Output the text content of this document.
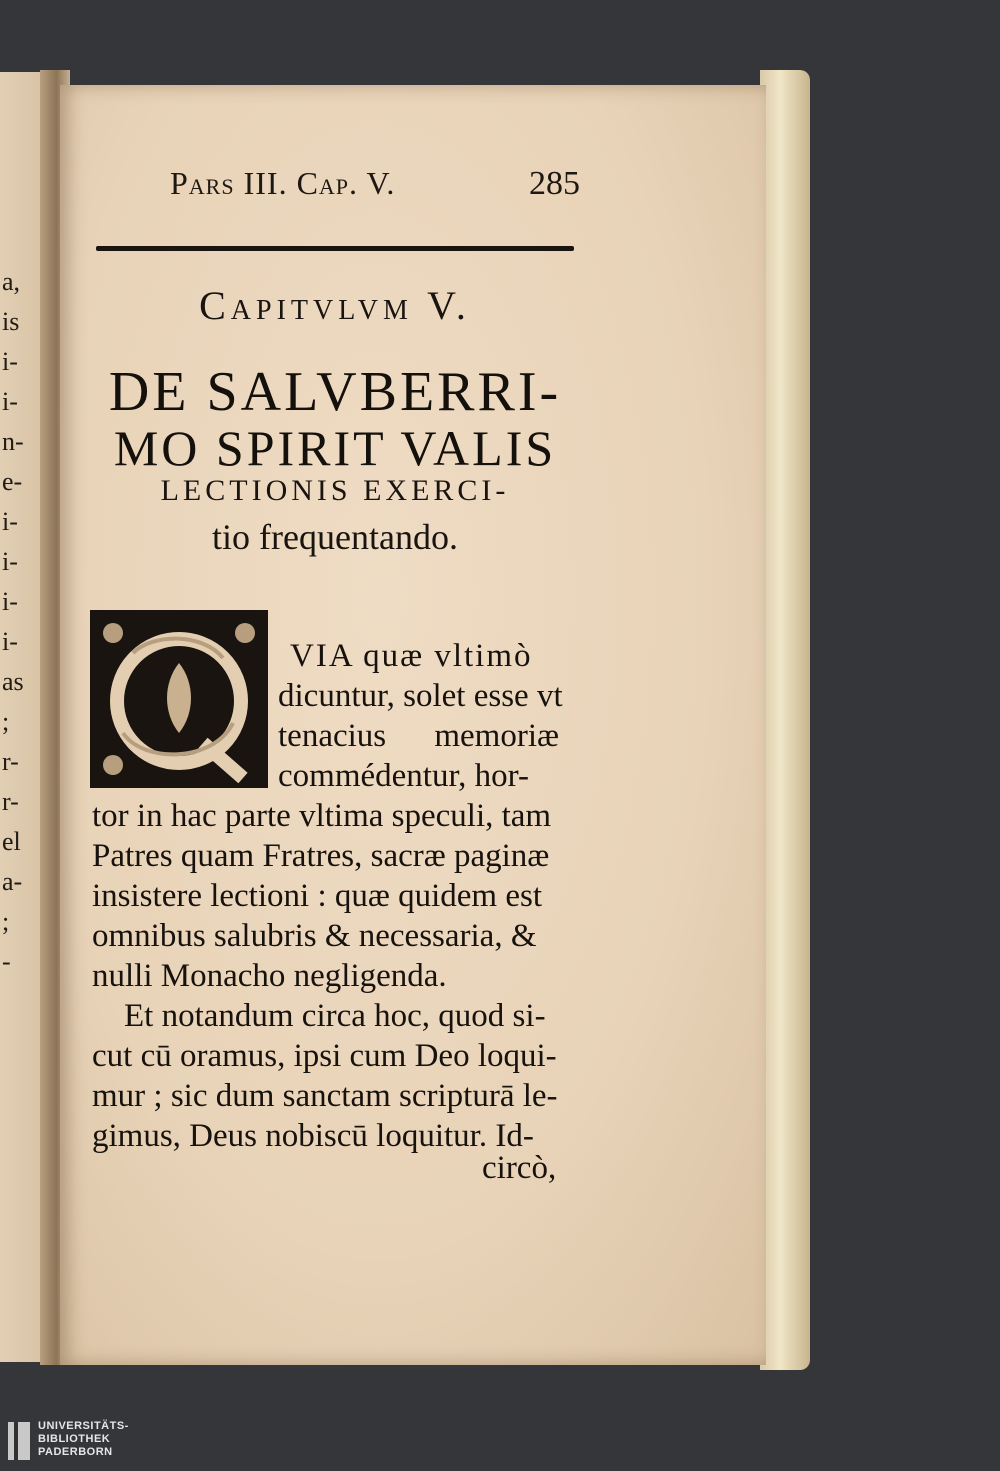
a,
is
i-
i-
n-
e-
i-
i-
i-
i-
as
;
r-
r-
el
a-
;
-
Pars III. Cap. V.	285
Capitvlvm V.
DE SALVBERRI-
MO SPIRIT VALIS
LECTIONIS EXERCI-
tio frequentando.
VIA quæ vltimò
dicuntur, solet esse vt
tenacius memoriæ
commédentur, hor-
tor in hac parte vltima speculi, tam
Patres quam Fratres, sacræ paginæ
insistere lectioni : quæ quidem est
omnibus salubris & necessaria, &
nulli Monacho negligenda.
Et notandum circa hoc, quod si-
cut cū oramus, ipsi cum Deo loqui-
mur ; sic dum sanctam scripturā le-
gimus, Deus nobiscū loquitur. Id-
circò,
UNIVERSITÄTS-
BIBLIOTHEK
PADERBORN
